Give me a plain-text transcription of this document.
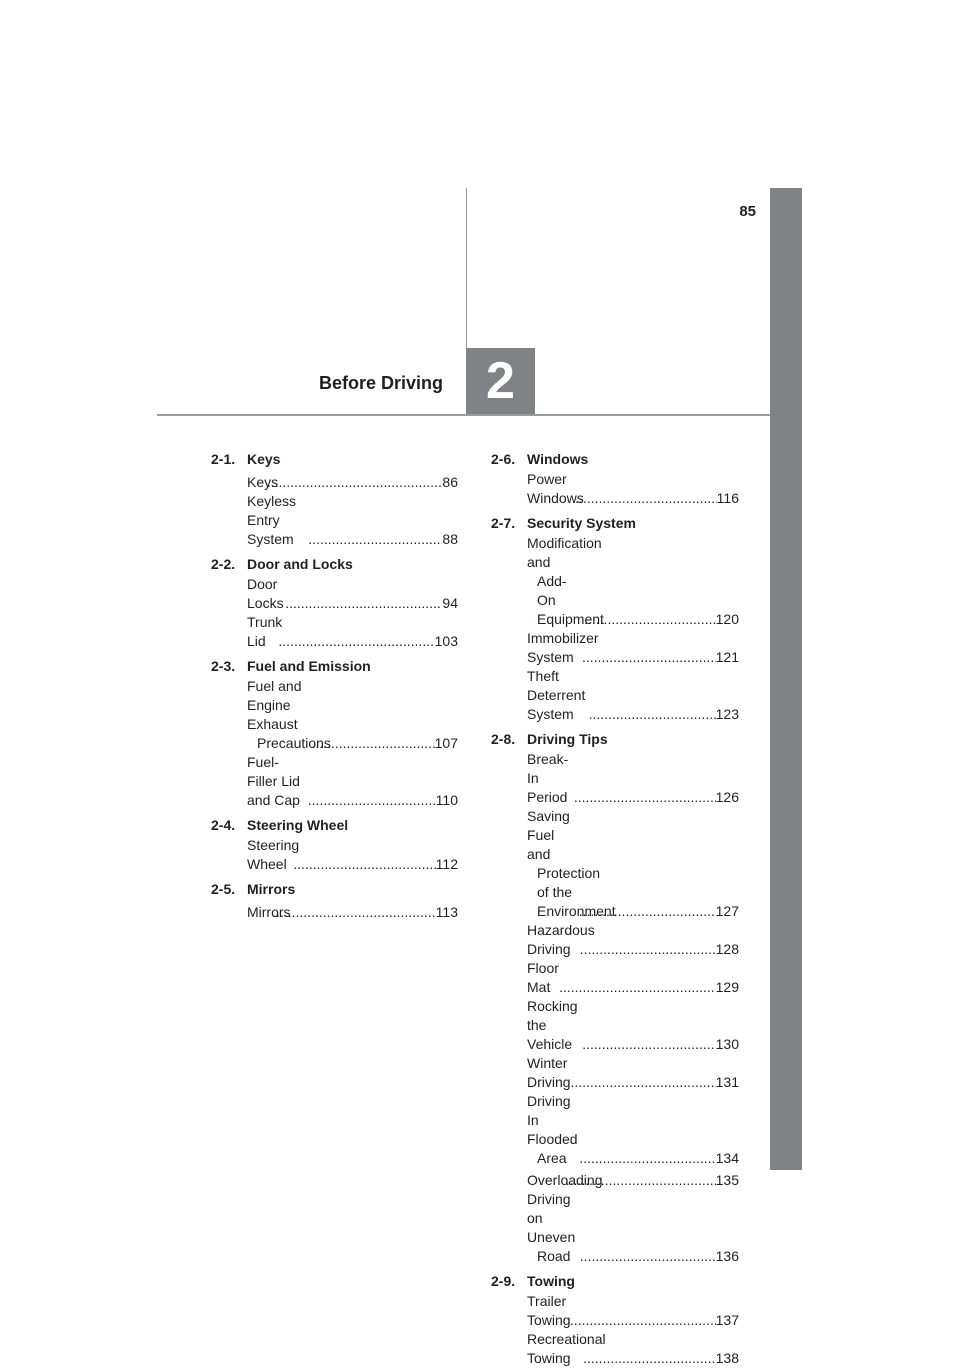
85
2
Before Driving
2-1. Keys
Keys .....	86
Keyless Entry System .....	88
2-2. Door and Locks
Door Locks .....	94
Trunk Lid .....	103
2-3. Fuel and Emission
Fuel and Engine Exhaust
Precautions .....	107
Fuel-Filler Lid and Cap .....	110
2-4. Steering Wheel
Steering Wheel .....	112
2-5. Mirrors
Mirrors .....	113
2-6. Windows
Power Windows .....	116
2-7. Security System
Modification and
Add-On Equipment .....	120
Immobilizer System .....	121
Theft Deterrent System .....	123
2-8. Driving Tips
Break-In Period .....	126
Saving Fuel and
Protection of the
Environment .....	127
Hazardous Driving .....	128
Floor Mat .....	129
Rocking the Vehicle .....	130
Winter Driving .....	131
Driving In Flooded
Area .....	134
Overloading .....	135
Driving on Uneven
Road .....	136
2-9. Towing
Trailer Towing .....	137
Recreational Towing .....	138
